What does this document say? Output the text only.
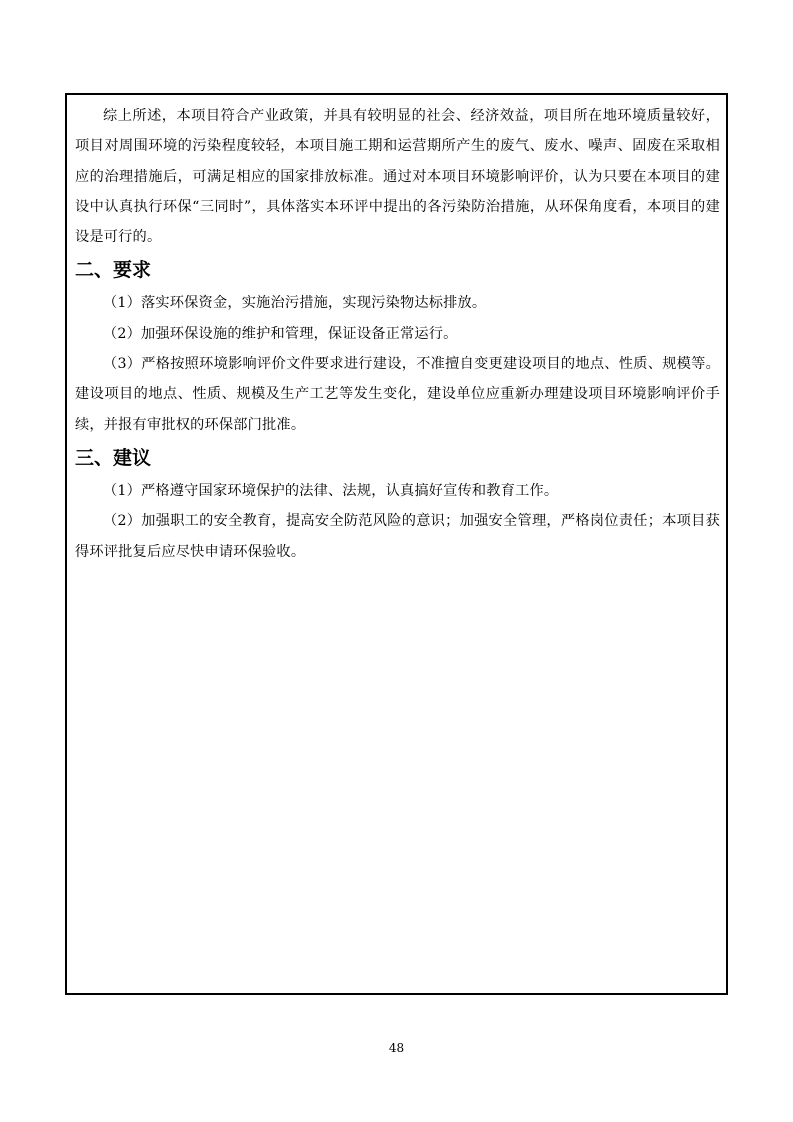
综上所述，本项目符合产业政策，并具有较明显的社会、经济效益，项目所在地环境质量较好，项目对周围环境的污染程度较轻，本项目施工期和运营期所产生的废气、废水、噪声、固废在采取相应的治理措施后，可满足相应的国家排放标准。通过对本项目环境影响评价，认为只要在本项目的建设中认真执行环保“三同时”，具体落实本环评中提出的各污染防治措施，从环保角度看，本项目的建设是可行的。

二、要求

（1）落实环保资金，实施治污措施，实现污染物达标排放。

（2）加强环保设施的维护和管理，保证设备正常运行。

（3）严格按照环境影响评价文件要求进行建设，不准擅自变更建设项目的地点、性质、规模等。建设项目的地点、性质、规模及生产工艺等发生变化，建设单位应重新办理建设项目环境影响评价手续，并报有审批权的环保部门批准。

三、建议

（1）严格遵守国家环境保护的法律、法规，认真搞好宣传和教育工作。

（2）加强职工的安全教育，提高安全防范风险的意识；加强安全管理，严格岗位责任；本项目获得环评批复后应尽快申请环保验收。

48
